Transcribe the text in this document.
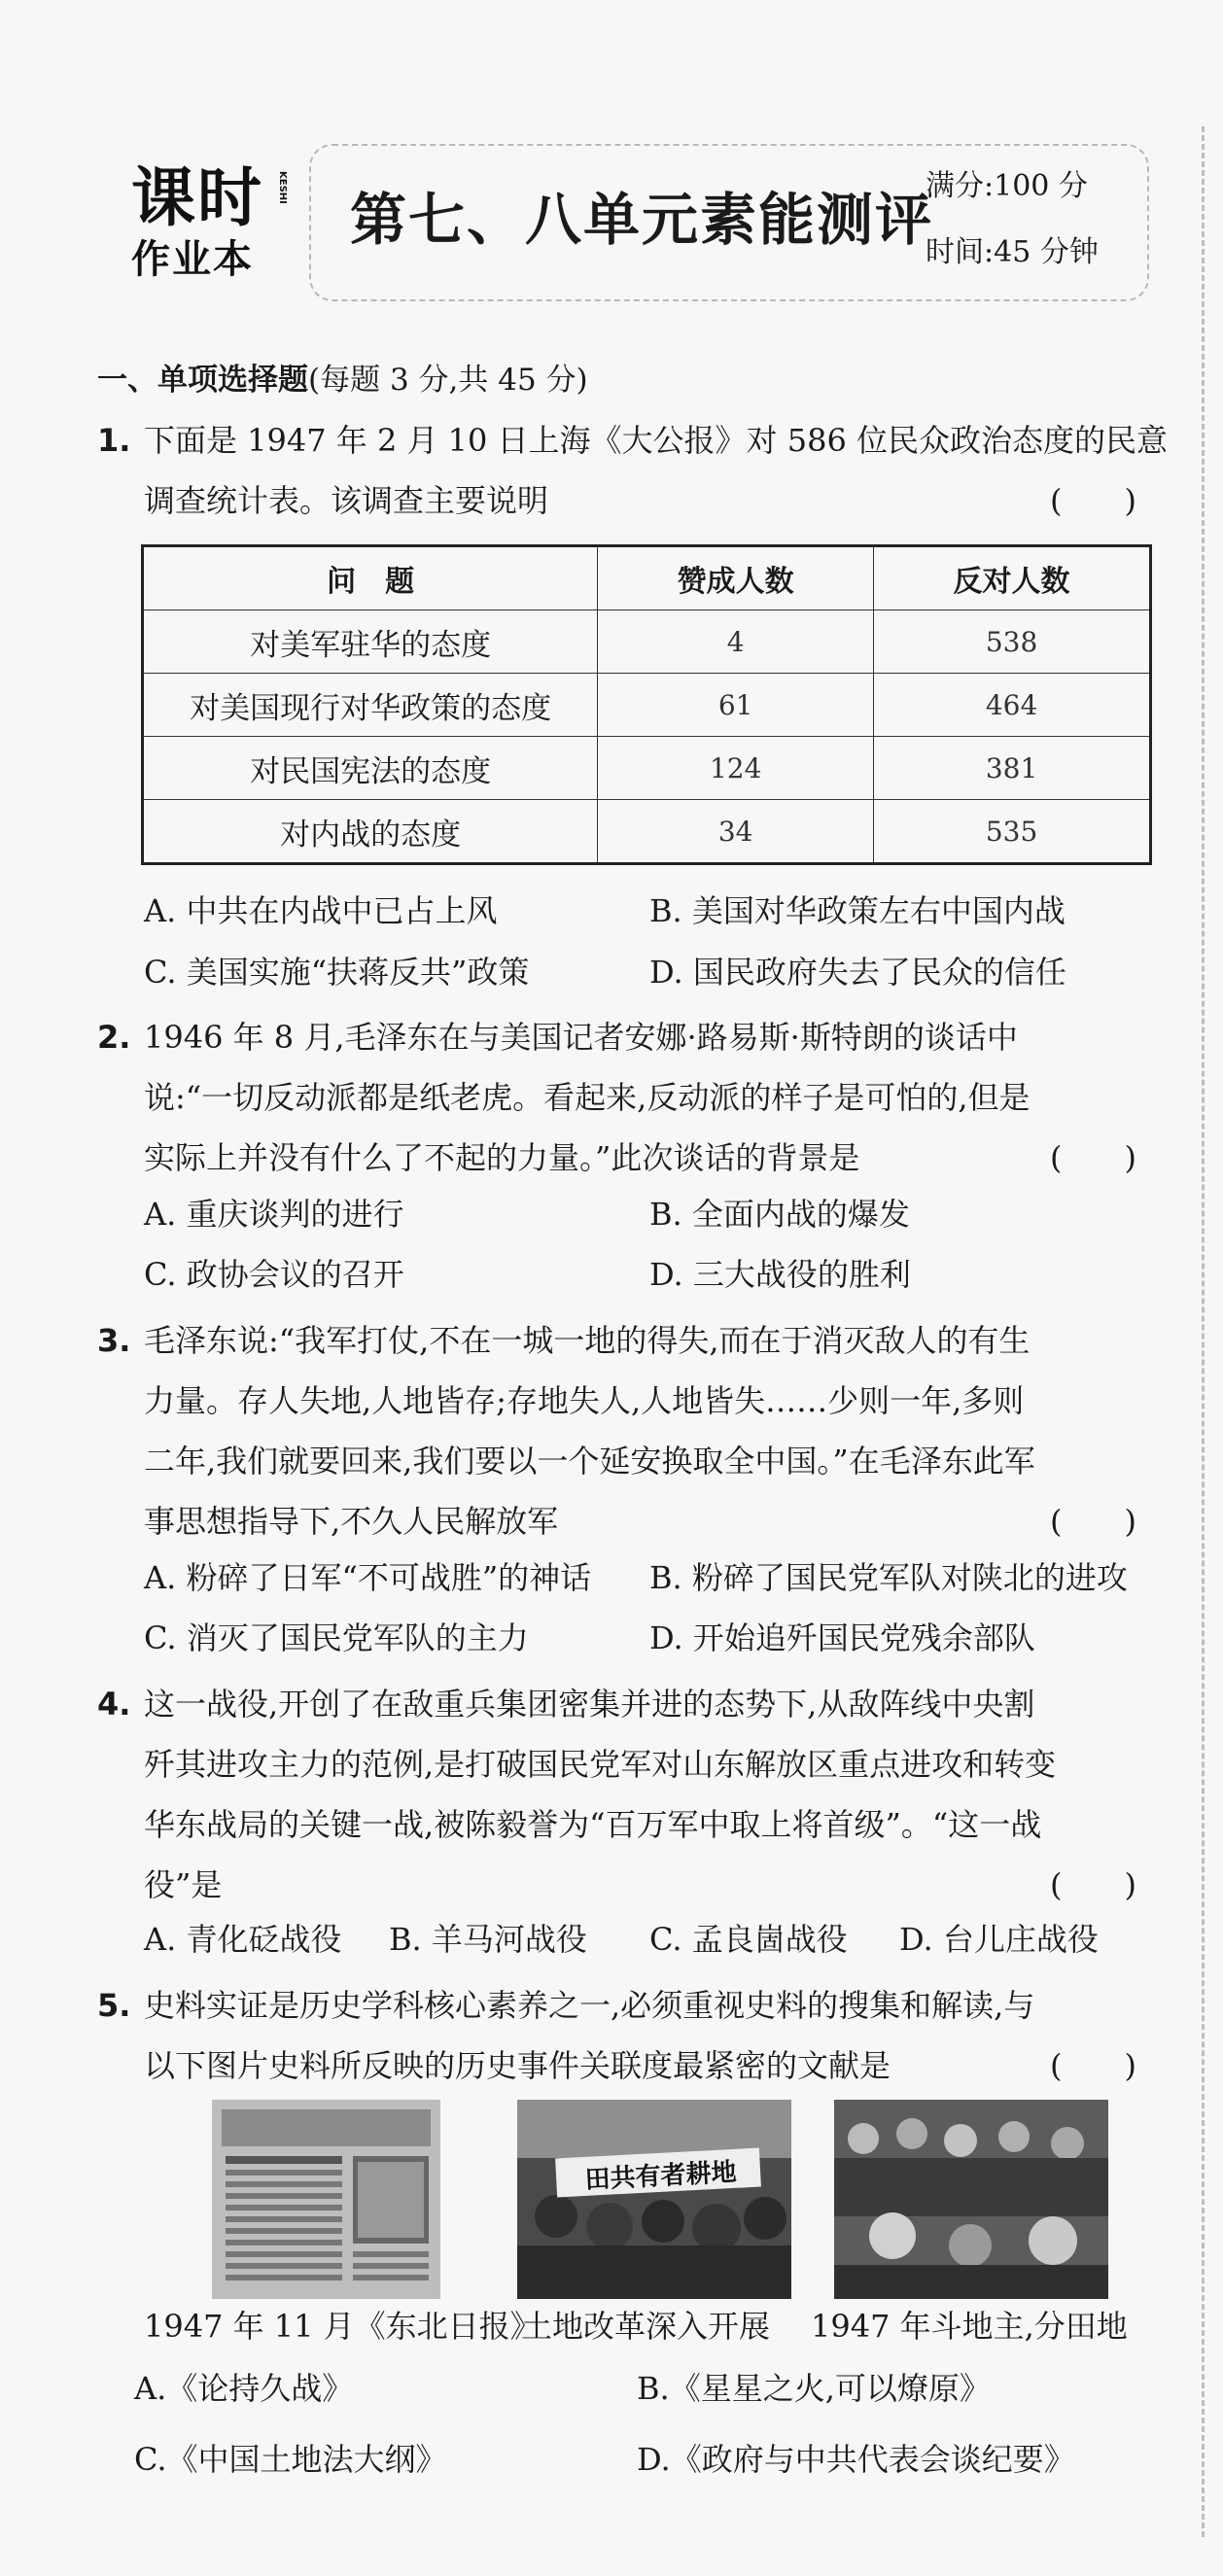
课时
作业本
KESHI 第七、八单元素能测评
满分:100 分
时间:45 分钟
一、单项选择题(每题 3 分,共 45 分)
1. 下面是 1947 年 2 月 10 日上海《大公报》对 586 位民众政治态度的民意
调查统计表。该调查主要说明	(　　)
问　题	赞成人数	反对人数
对美军驻华的态度	4	538
对美国现行对华政策的态度	61	464
对民国宪法的态度	124	381
对内战的态度	34	535
A. 中共在内战中已占上风	B. 美国对华政策左右中国内战
C. 美国实施“扶蒋反共”政策	D. 国民政府失去了民众的信任
2. 1946 年 8 月,毛泽东在与美国记者安娜·路易斯·斯特朗的谈话中
说:“一切反动派都是纸老虎。看起来,反动派的样子是可怕的,但是
实际上并没有什么了不起的力量。”此次谈话的背景是	(　　)
A. 重庆谈判的进行	B. 全面内战的爆发
C. 政协会议的召开	D. 三大战役的胜利
3. 毛泽东说:“我军打仗,不在一城一地的得失,而在于消灭敌人的有生
力量。存人失地,人地皆存;存地失人,人地皆失……少则一年,多则
二年,我们就要回来,我们要以一个延安换取全中国。”在毛泽东此军
事思想指导下,不久人民解放军	(　　)
A. 粉碎了日军“不可战胜”的神话 B. 粉碎了国民党军队对陕北的进攻
C. 消灭了国民党军队的主力	D. 开始追歼国民党残余部队
4. 这一战役,开创了在敌重兵集团密集并进的态势下,从敌阵线中央割
歼其进攻主力的范例,是打破国民党军对山东解放区重点进攻和转变
华东战局的关键一战,被陈毅誉为“百万军中取上将首级”。“这一战
役”是	(　　)
A. 青化砭战役 B. 羊马河战役 C. 孟良崮战役 D. 台儿庄战役
5. 史料实证是历史学科核心素养之一,必须重视史料的搜集和解读,与
以下图片史料所反映的历史事件关联度最紧密的文献是	(　　)
田共有者耕地
1947 年 11 月《东北日报》
土地改革深入开展 1947 年斗地主,分田地
A.《论持久战》	B.《星星之火,可以燎原》
C.《中国土地法大纲》	D.《政府与中共代表会谈纪要》
